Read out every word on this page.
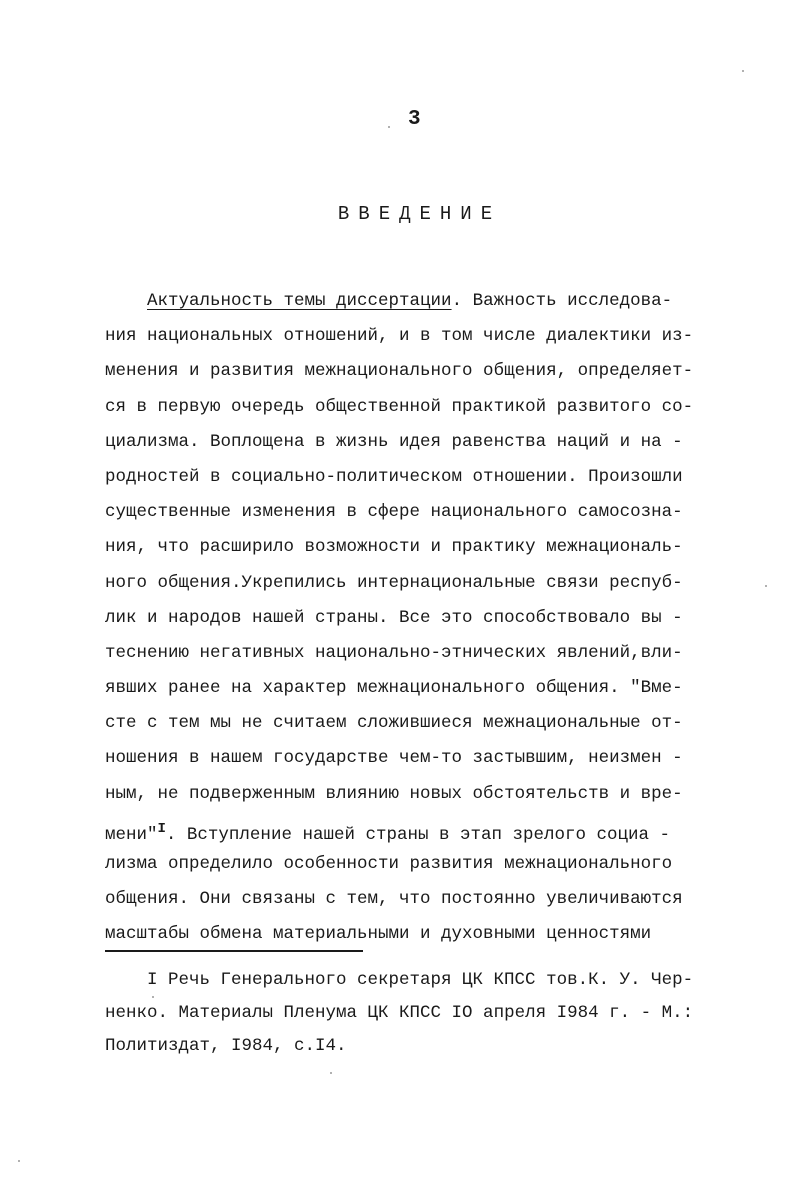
3
ВВЕДЕНИЕ
Актуальность темы диссертации. Важность исследова-
ния национальных отношений, и в том числе диалектики из-
менения и развития межнационального общения, определяет-
ся в первую очередь общественной практикой развитого со-
циализма. Воплощена в жизнь идея равенства наций и на -
родностей в социально-политическом отношении. Произошли
существенные изменения в сфере национального самосозна-
ния, что расширило возможности и практику межнациональ-
ного общения.Укрепились интернациональные связи респуб-
лик и народов нашей страны. Все это способствовало вы -
теснению негативных национально-этнических явлений,вли-
явших ранее на характер межнационального общения. "Вме-
сте с тем мы не считаем сложившиеся межнациональные от-
ношения в нашем государстве чем-то застывшим, неизмен -
ным, не подверженным влиянию новых обстоятельств и вре-
мени"$^I$. Вступление нашей страны в этап зрелого социа -
лизма определило особенности развития межнационального
общения. Они связаны с тем, что постоянно увеличиваются
масштабы обмена материальными и духовными ценностями
I Речь Генерального секретаря ЦК КПСС тов.К. У. Чер-
ненко. Материалы Пленума ЦК КПСС IO апреля I984 г. - М.:
Политиздат, I984, с.I4.
